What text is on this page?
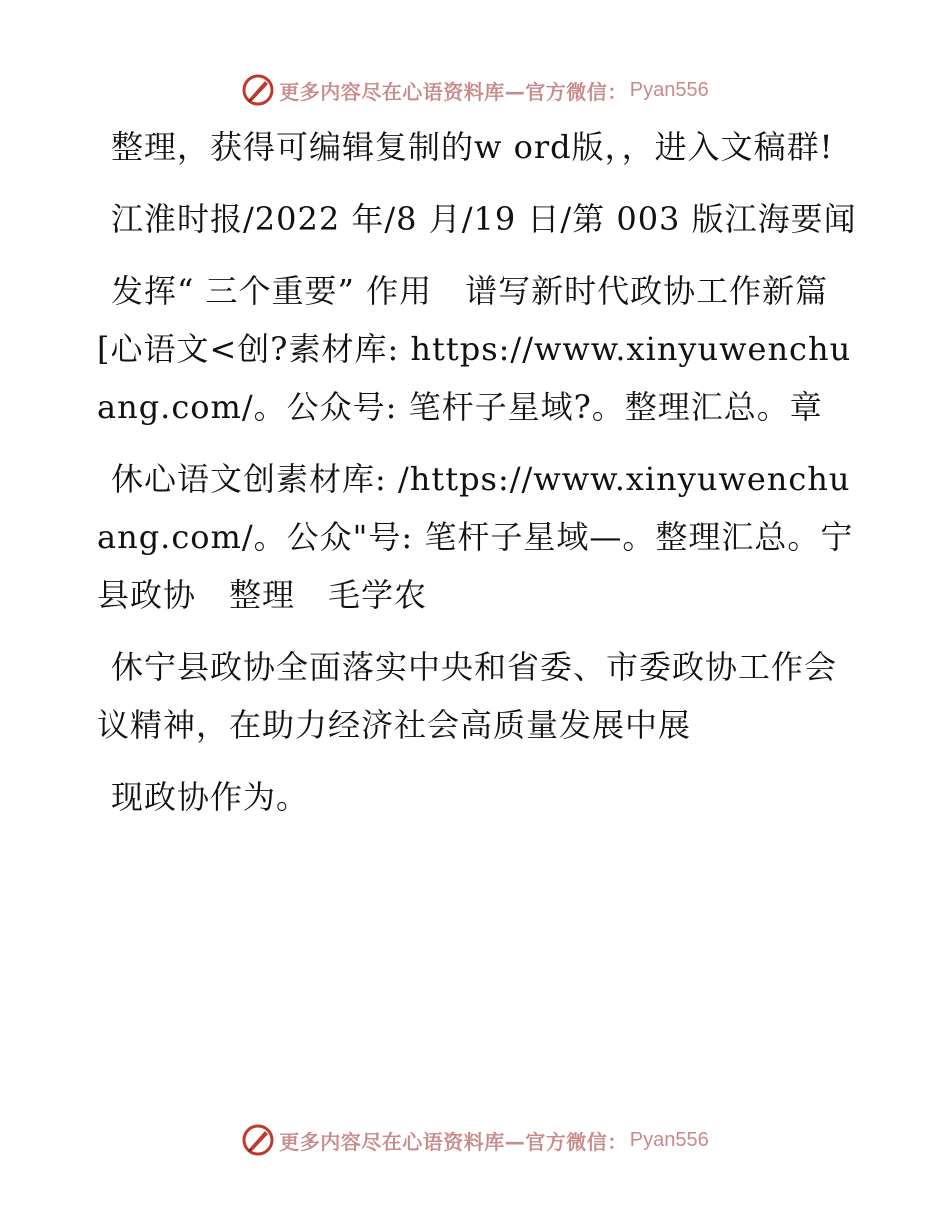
更多内容尽在心语资料库—官方微信： Pyan556

整理，获得可编辑复制的w ord版，，进入文稿群!

江淮时报/2022 年/8 月/19 日/第 003 版江海要闻

发挥“ 三个重要” 作用　谱写新时代政协工作新篇[心语文<创?素材库: https://www.xinyuwenchuang.com/。公众号: 笔杆子星域?。整理汇总。章

休心语文创素材库: /https://www.xinyuwenchuang.com/。公众"号: 笔杆子星域—。整理汇总。宁县政协　整理　毛学农

休宁县政协全面落实中央和省委、市委政协工作会议精神，在助力经济社会高质量发展中展

现政协作为。

更多内容尽在心语资料库—官方微信： Pyan556
